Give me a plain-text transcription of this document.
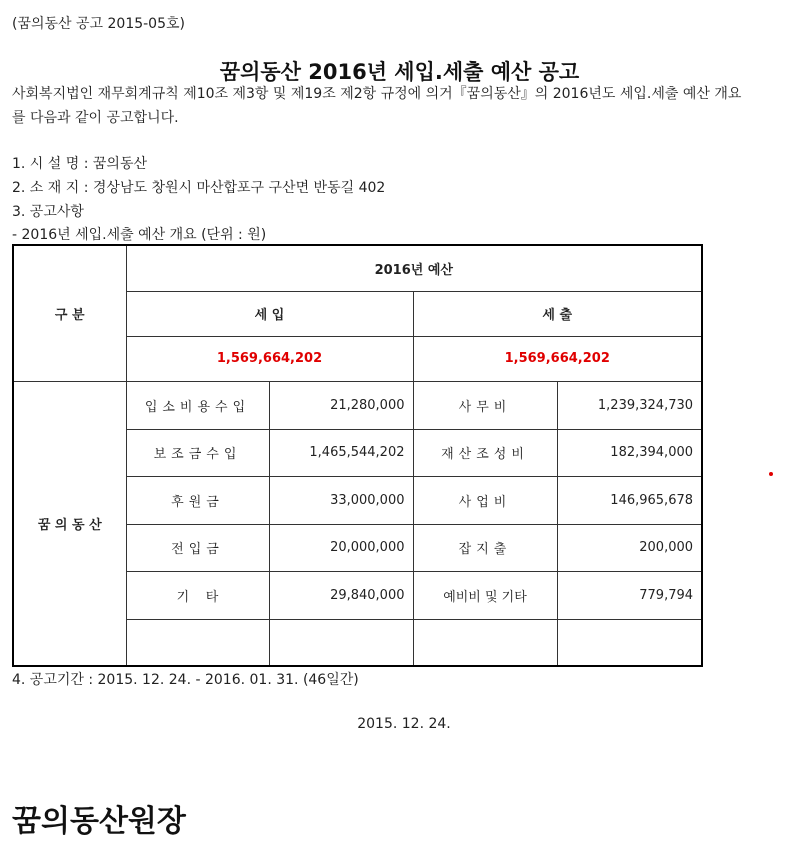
(꿈의동산 공고 2015-05호)
꿈의동산 2016년 세입.세출 예산 공고
사회복지법인 재무회계규칙 제10조 제3항 및 제19조 제2항 규정에 의거『꿈의동산』의 2016년도 세입.세출 예산 개요
를 다음과 같이 공고합니다.
1. 시 설 명 : 꿈의동산
2. 소 재 지 : 경상남도 창원시 마산합포구 구산면 반동길 402
3. 공고사항
- 2016년 세입.세출 예산 개요 (단위 : 원)
구 분	2016년 예산			
	세 입		세 출	
	1,569,664,202		1,569,664,202	
꿈 의 동 산	입소비용수입	21,280,000	사무비	1,239,324,730
	보조금수입	1,465,544,202	재산조성비	182,394,000
	후원금	33,000,000	사업비	146,965,678
	전입금	20,000,000	잡지출	200,000
	기    타	29,840,000	예비비 및 기타	779,794

4. 공고기간 : 2015. 12. 24. - 2016. 01. 31. (46일간)
2015. 12. 24.
꿈의동산원장
